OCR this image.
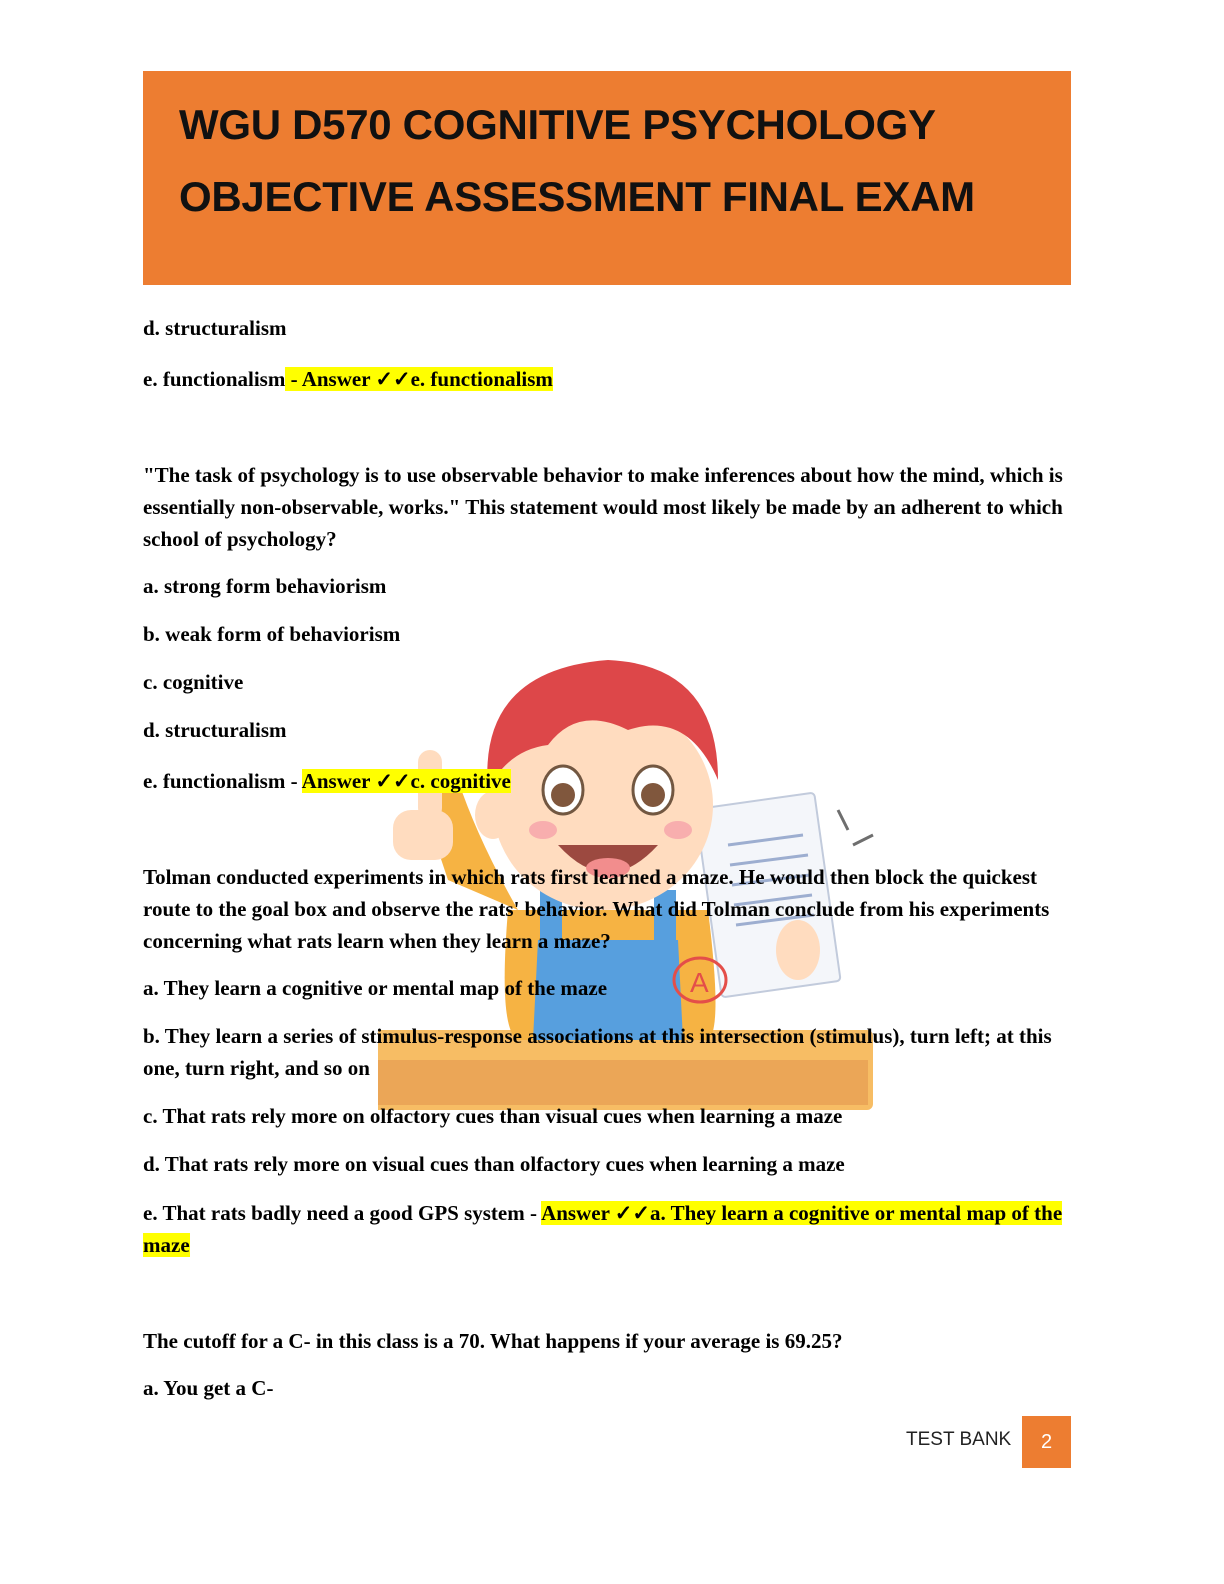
WGU D570 COGNITIVE PSYCHOLOGY
OBJECTIVE ASSESSMENT FINAL EXAM
A

d. structuralism

e. functionalism - Answer ✓✓e. functionalism

"The task of psychology is to use observable behavior to make inferences about how the mind, which is essentially non-observable, works." This statement would most likely be made by an adherent to which school of psychology?

a. strong form behaviorism

b. weak form of behaviorism

c. cognitive

d. structuralism

e. functionalism - Answer ✓✓c. cognitive

Tolman conducted experiments in which rats first learned a maze. He would then block the quickest route to the goal box and observe the rats' behavior. What did Tolman conclude from his experiments concerning what rats learn when they learn a maze?

a. They learn a cognitive or mental map of the maze

b. They learn a series of stimulus-response associations at this intersection (stimulus), turn left; at this one, turn right, and so on

c. That rats rely more on olfactory cues than visual cues when learning a maze

d. That rats rely more on visual cues than olfactory cues when learning a maze

e. That rats badly need a good GPS system - Answer ✓✓a. They learn a cognitive or mental map of the maze

The cutoff for a C- in this class is a 70. What happens if your average is 69.25?

a. You get a C-

TEST BANK 2
